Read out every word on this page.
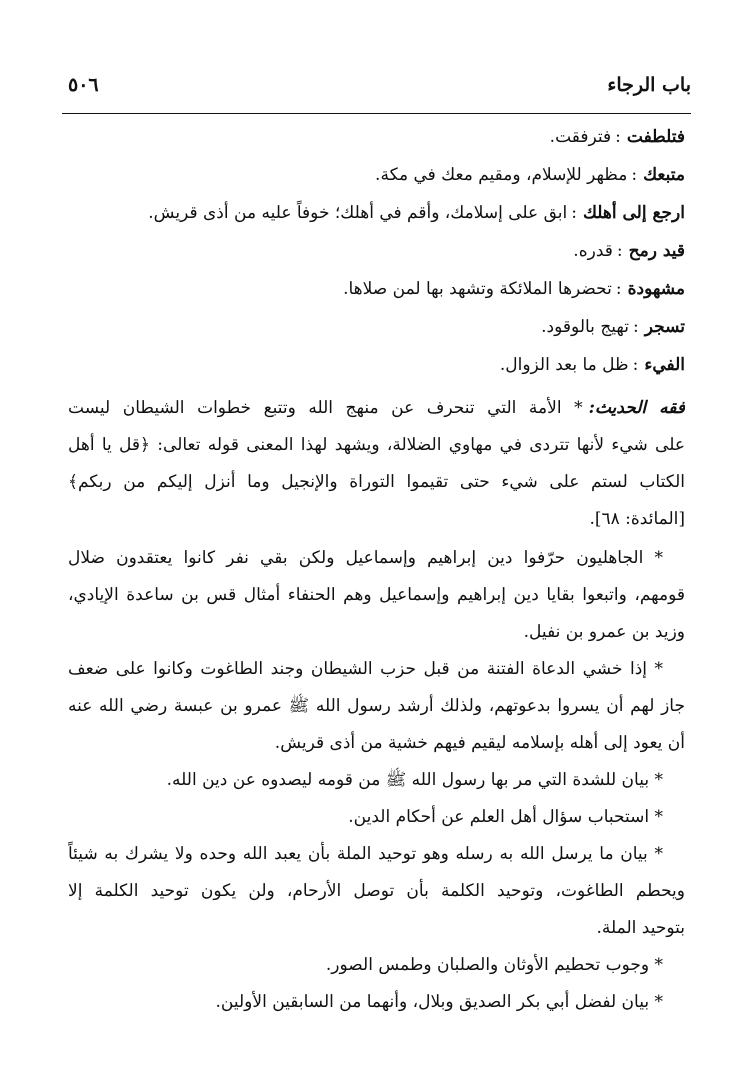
باب الرجاء
٥٠٦
فتلطفت:فترفقت.
متبعك:مظهر للإسلام، ومقيم معك في مكة.
ارجع إلى أهلك:ابق على إسلامك، وأقم في أهلك؛ خوفاً عليه من أذى قريش.
قيد رمح:قدره.
مشهودة:تحضرها الملائكة وتشهد بها لمن صلاها.
تسجر:تهيج بالوقود.
الفيء:ظل ما بعد الزوال.
فقه الحديث:* الأمة التي تنحرف عن منهج الله وتتبع خطوات الشيطان ليست
على شيء لأنها تتردى في مهاوي الضلالة، ويشهد لهذا المعنى قوله تعالى: ﴿قل يا أهل
الكتاب لستم على شيء حتى تقيموا التوراة والإنجيل وما أنزل إليكم من ربكم﴾
[المائدة: ٦٨].
* الجاهليون حرّفوا دين إبراهيم وإسماعيل ولكن بقي نفر كانوا يعتقدون ضلال
قومهم، واتبعوا بقايا دين إبراهيم وإسماعيل وهم الحنفاء أمثال قس بن ساعدة الإيادي،
وزيد بن عمرو بن نفيل.
* إذا خشي الدعاة الفتنة من قبل حزب الشيطان وجند الطاغوت وكانوا على ضعف
جاز لهم أن يسروا بدعوتهم، ولذلك أرشد رسول الله ﷺ عمرو بن عبسة رضي الله عنه
أن يعود إلى أهله بإسلامه ليقيم فيهم خشية من أذى قريش.
* بيان للشدة التي مر بها رسول الله ﷺ من قومه ليصدوه عن دين الله.
* استحباب سؤال أهل العلم عن أحكام الدين.
* بيان ما يرسل الله به رسله وهو توحيد الملة بأن يعبد الله وحده ولا يشرك به شيئاً
ويحطم الطاغوت، وتوحيد الكلمة بأن توصل الأرحام، ولن يكون توحيد الكلمة إلا
بتوحيد الملة.
* وجوب تحطيم الأوثان والصلبان وطمس الصور.
* بيان لفضل أبي بكر الصديق وبلال، وأنهما من السابقين الأولين.
